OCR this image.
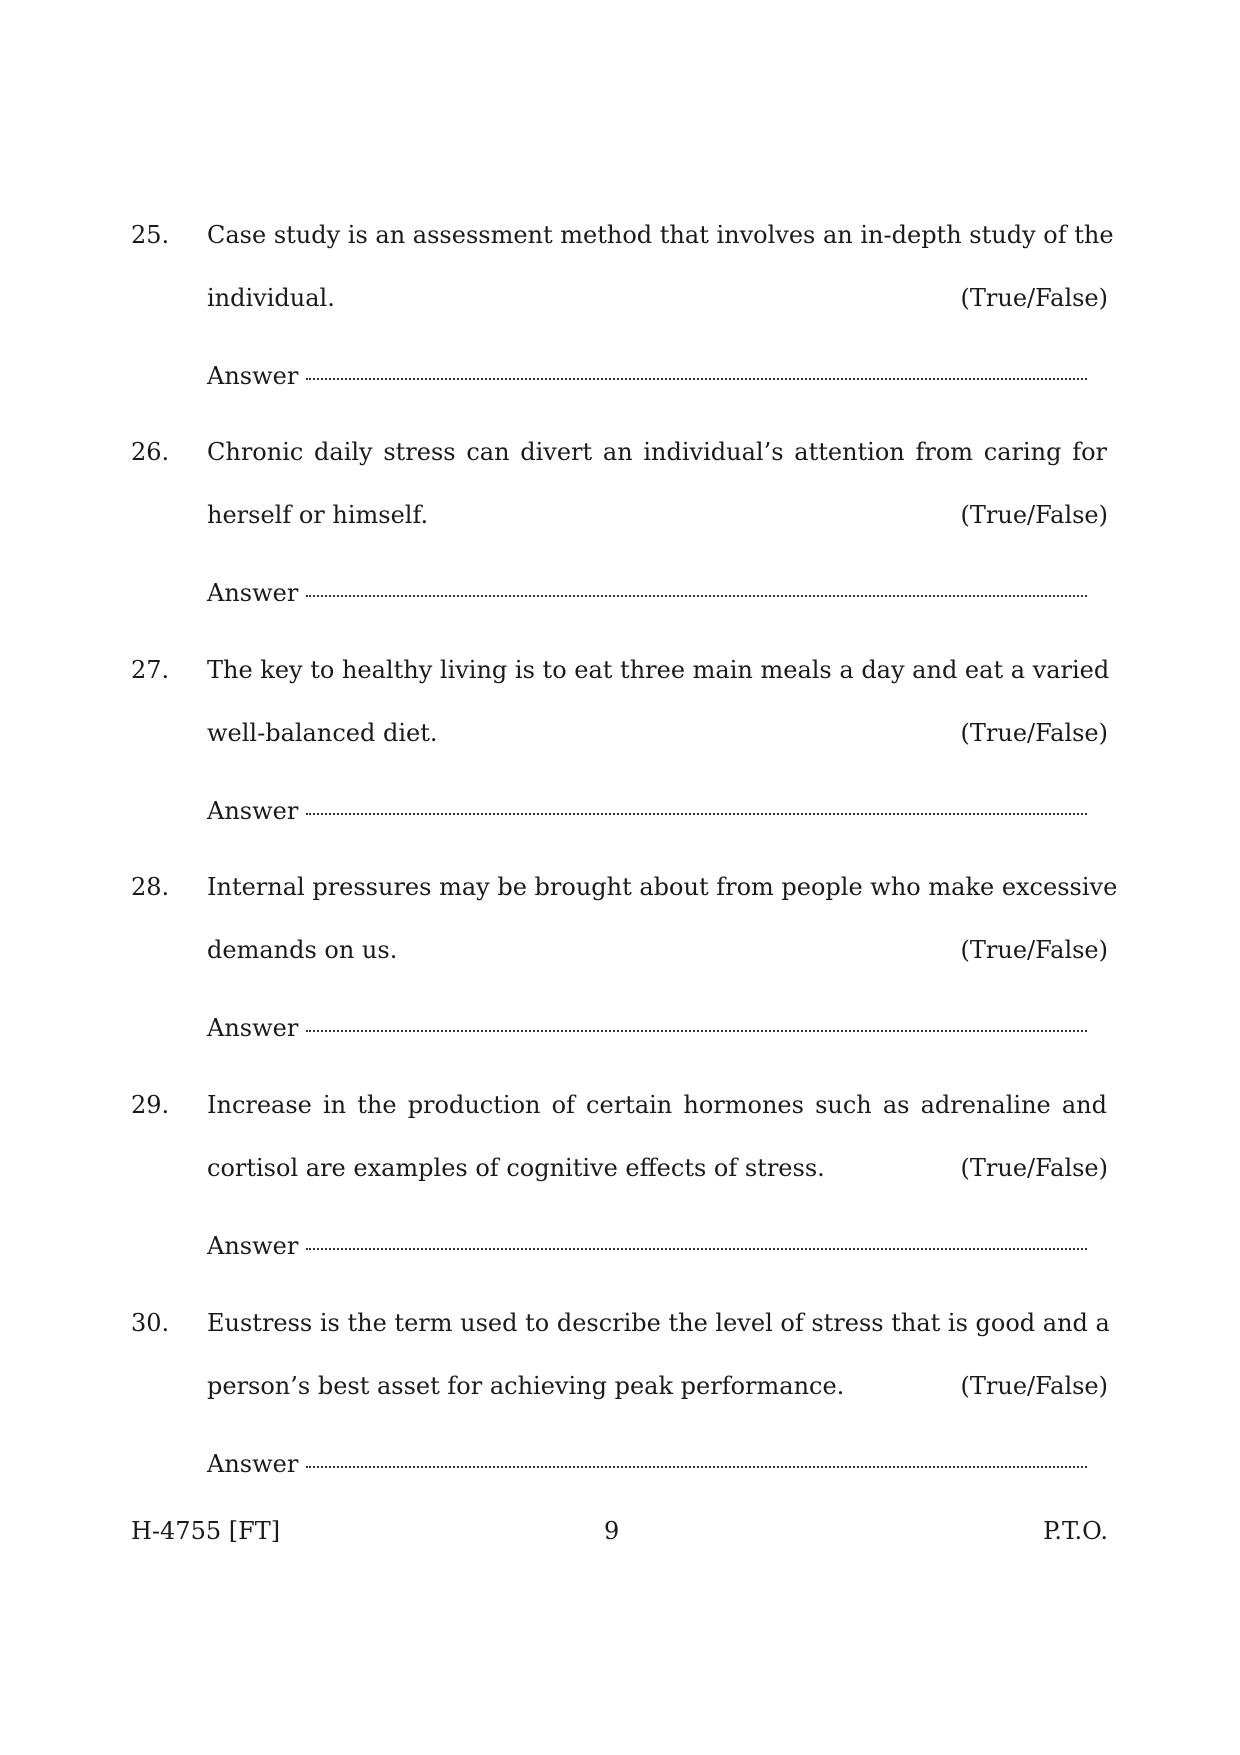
25. Case study is an assessment method that involves an in-depth study of the
individual.	(True/False)
Answer
26. Chronic daily stress can divert an individual’s attention from caring for
herself or himself.	(True/False)
Answer
27. The key to healthy living is to eat three main meals a day and eat a varied
well-balanced diet.	(True/False)
Answer
28. Internal pressures may be brought about from people who make excessive
demands on us.	(True/False)
Answer
29. Increase in the production of certain hormones such as adrenaline and
cortisol are examples of cognitive effects of stress.	(True/False)
Answer
30. Eustress is the term used to describe the level of stress that is good and a
person’s best asset for achieving peak performance.	(True/False)
Answer
H-4755 [FT]	9	P.T.O.
